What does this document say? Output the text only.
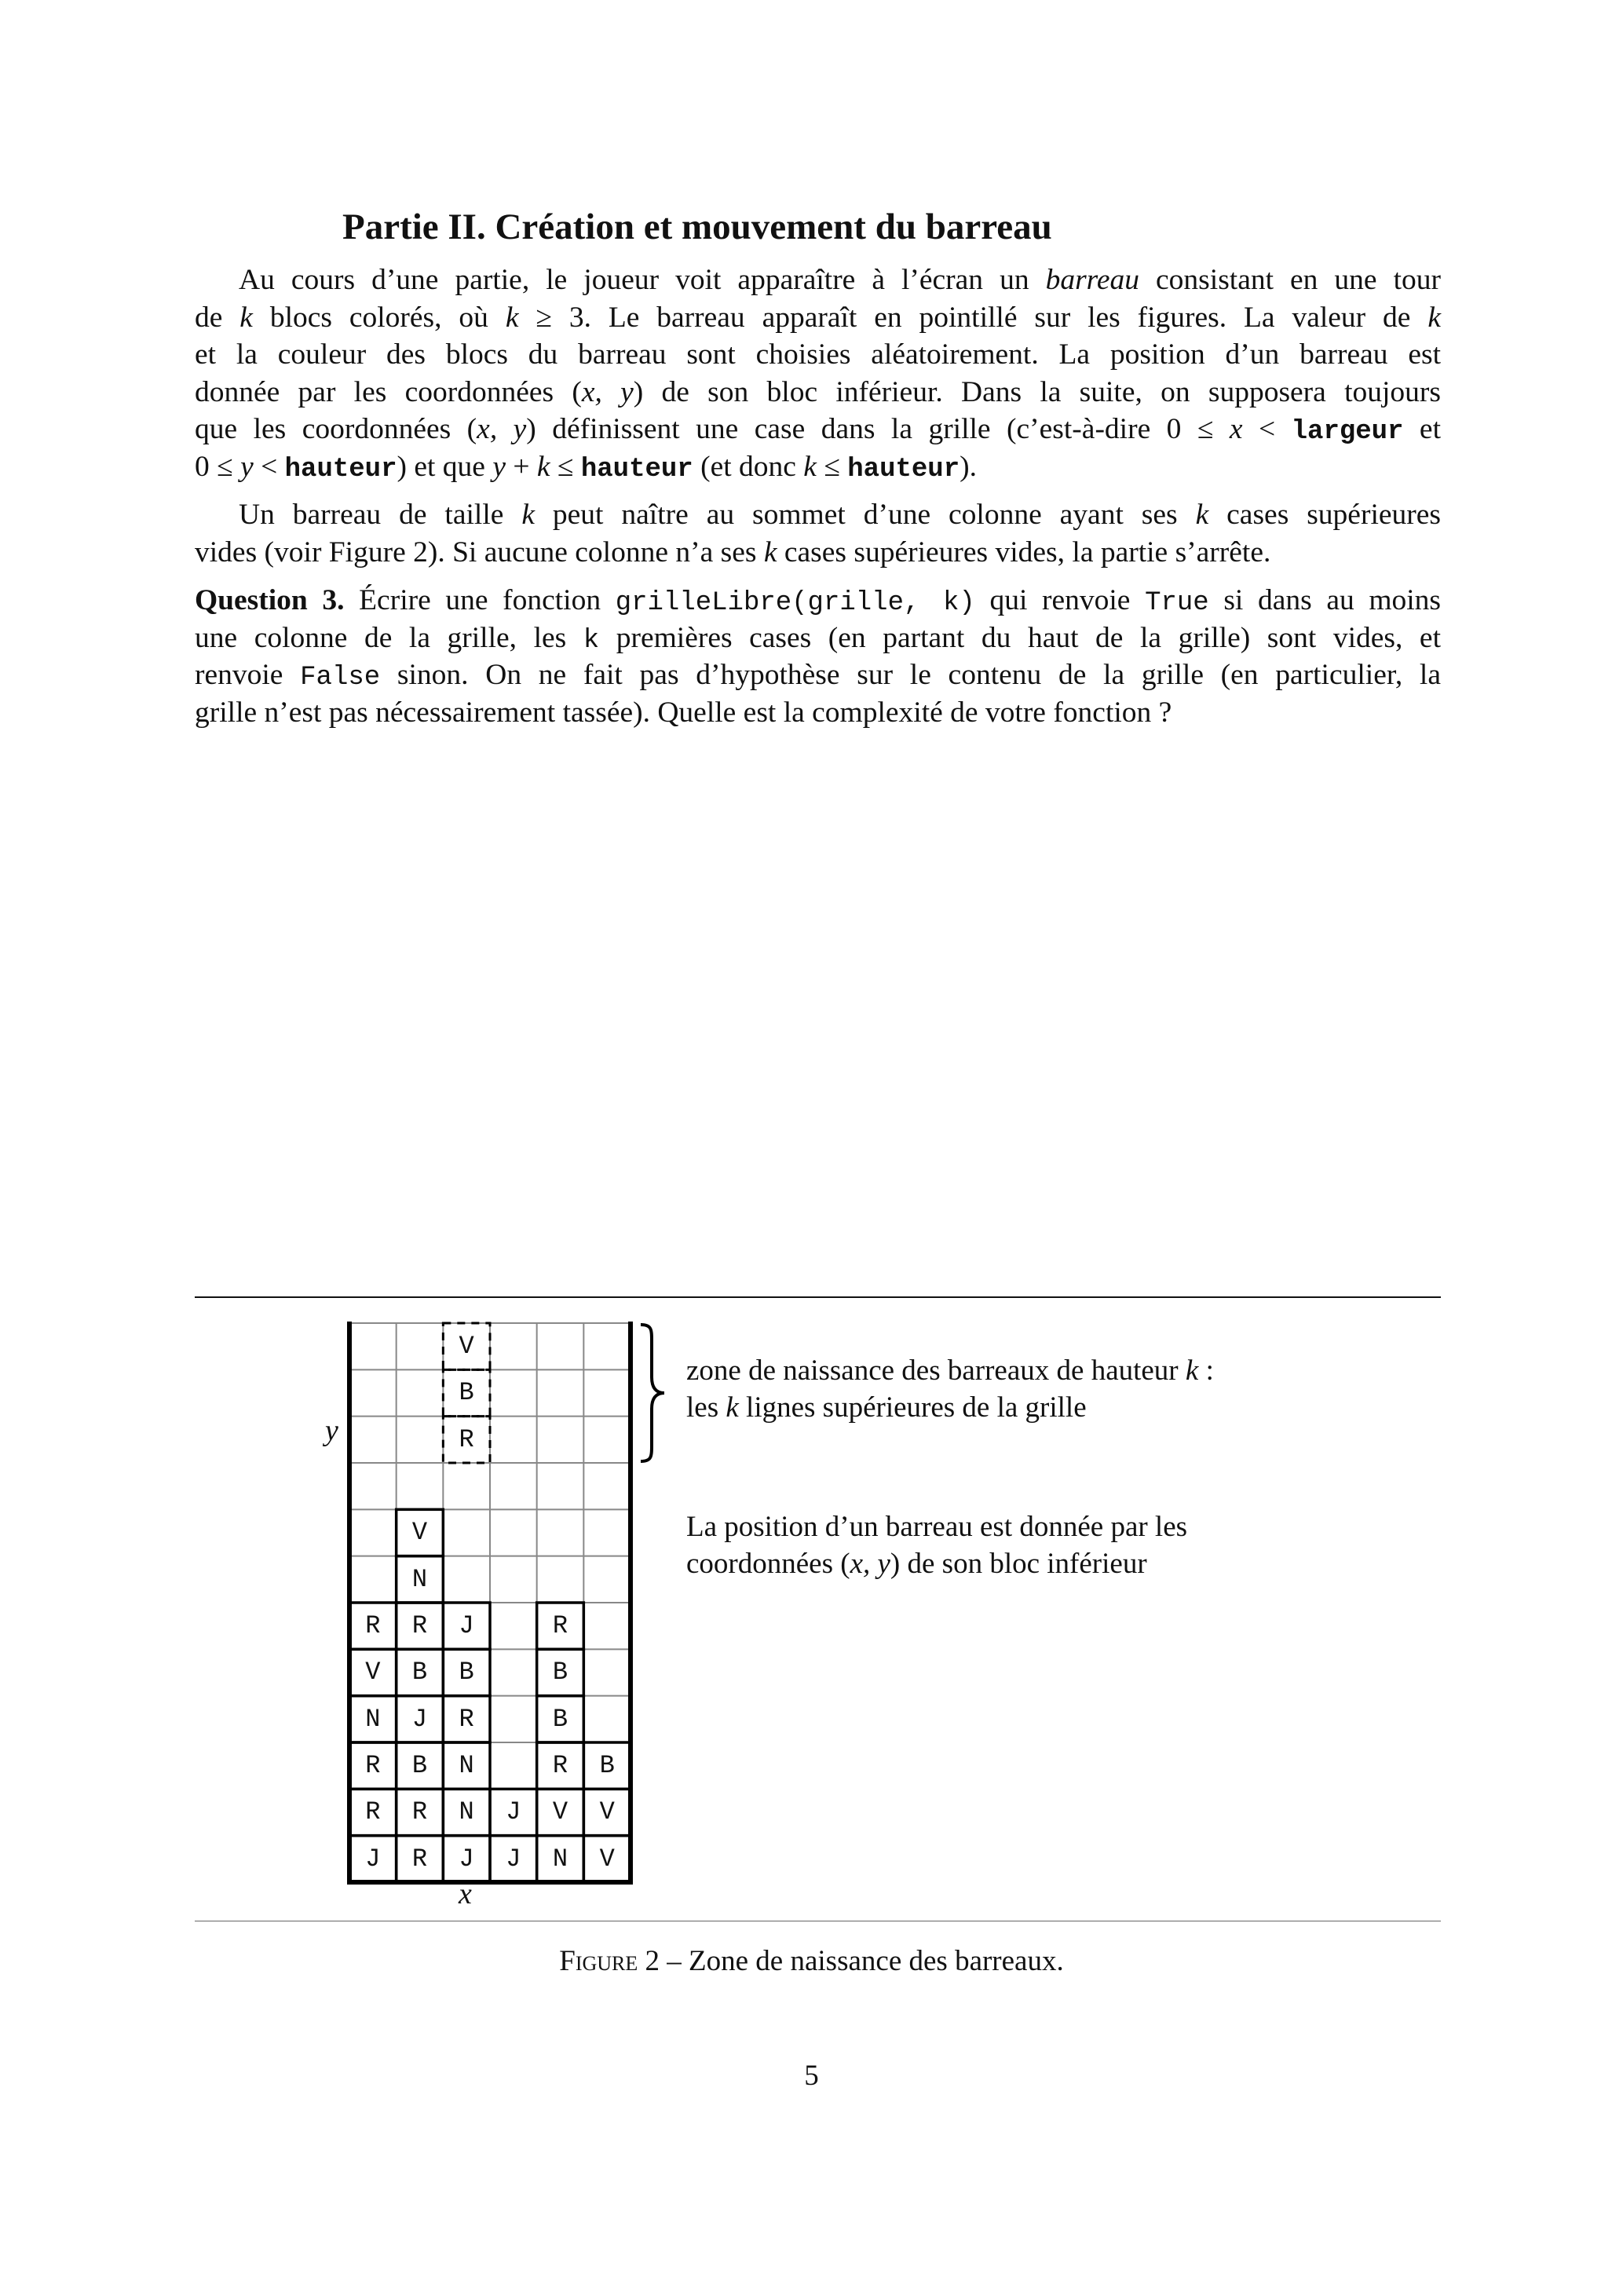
Partie II. Création et mouvement du barreau
Au cours d’une partie, le joueur voit apparaître à l’écran un barreau consistant en une tour
de k blocs colorés, où k ≥ 3. Le barreau apparaît en pointillé sur les figures. La valeur de k
et la couleur des blocs du barreau sont choisies aléatoirement. La position d’un barreau est
donnée par les coordonnées (x, y) de son bloc inférieur. Dans la suite, on supposera toujours
que les coordonnées (x, y) définissent une case dans la grille (c’est-à-dire 0 ≤ x < largeur et
0 ≤ y < hauteur) et que y + k ≤ hauteur (et donc k ≤ hauteur).
Un barreau de taille k peut naître au sommet d’une colonne ayant ses k cases supérieures
vides (voir Figure 2). Si aucune colonne n’a ses k cases supérieures vides, la partie s’arrête.
Question 3. Écrire une fonction grilleLibre(grille, k) qui renvoie True si dans au moins
une colonne de la grille, les k premières cases (en partant du haut de la grille) sont vides, et
renvoie False sinon. On ne fait pas d’hypothèse sur le contenu de la grille (en particulier, la
grille n’est pas nécessairement tassée). Quelle est la complexité de votre fonction ?
V
B
R

V
N
RRJ R
VBB B
NJR B
RBN RB
RRNJVV
JRJJNV
y
x
zone de naissance des barreaux de hauteur k :
les k lignes supérieures de la grille
La position d’un barreau est donnée par les
coordonnées (x, y) de son bloc inférieur
Figure 2 – Zone de naissance des barreaux.
5
